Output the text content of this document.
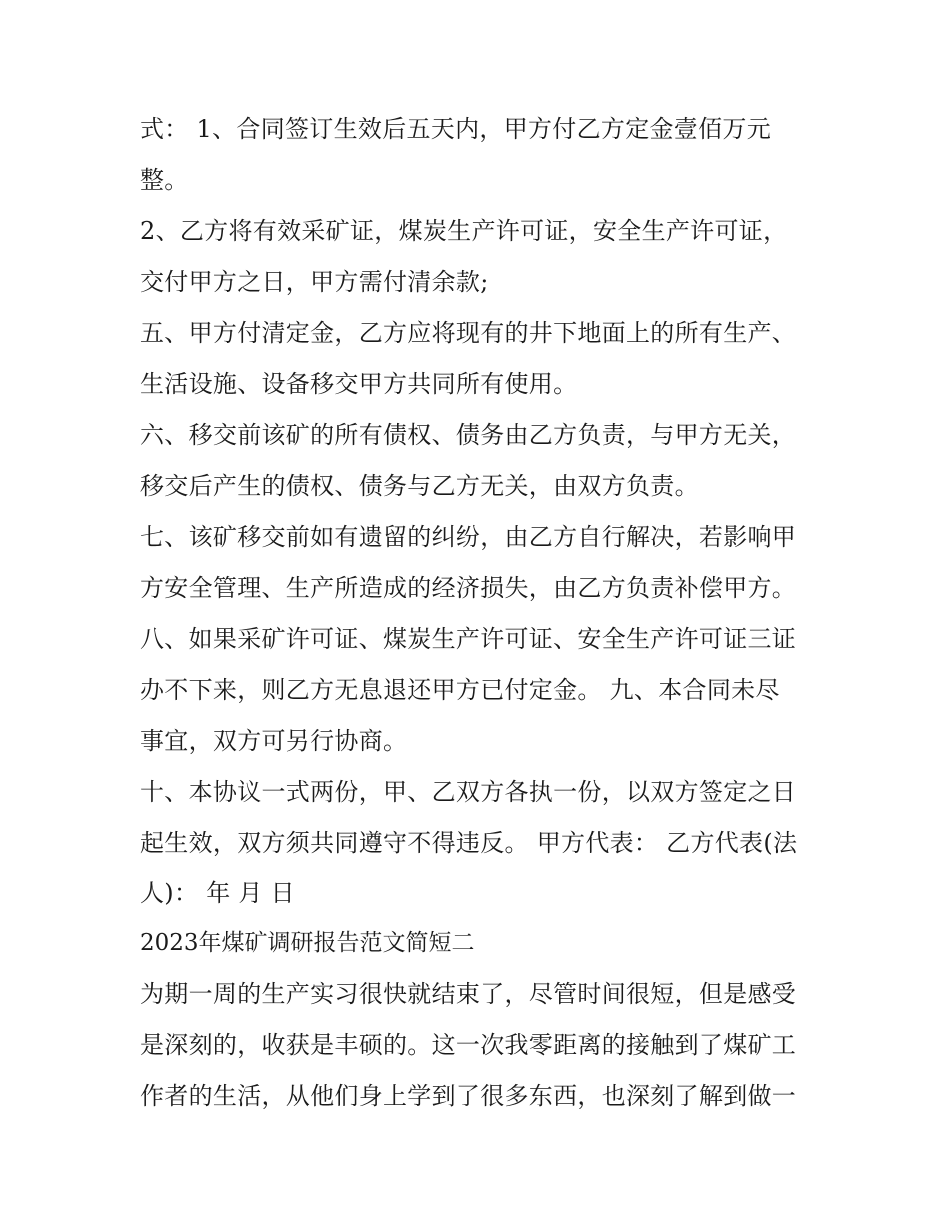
式： 1、合同签订生效后五天内，甲方付乙方定金壹佰万元
整。
2、乙方将有效采矿证，煤炭生产许可证，安全生产许可证，
交付甲方之日，甲方需付清余款;
五、甲方付清定金，乙方应将现有的井下地面上的所有生产、
生活设施、设备移交甲方共同所有使用。
六、移交前该矿的所有债权、债务由乙方负责，与甲方无关，
移交后产生的债权、债务与乙方无关，由双方负责。
七、该矿移交前如有遗留的纠纷，由乙方自行解决，若影响甲
方安全管理、生产所造成的经济损失，由乙方负责补偿甲方。
八、如果采矿许可证、煤炭生产许可证、安全生产许可证三证
办不下来，则乙方无息退还甲方已付定金。 九、本合同未尽
事宜，双方可另行协商。
十、本协议一式两份，甲、乙双方各执一份，以双方签定之日
起生效，双方须共同遵守不得违反。 甲方代表： 乙方代表(法
人)： 年 月 日
2023年煤矿调研报告范文简短二
为期一周的生产实习很快就结束了，尽管时间很短，但是感受
是深刻的，收获是丰硕的。这一次我零距离的接触到了煤矿工
作者的生活，从他们身上学到了很多东西，也深刻了解到做一
